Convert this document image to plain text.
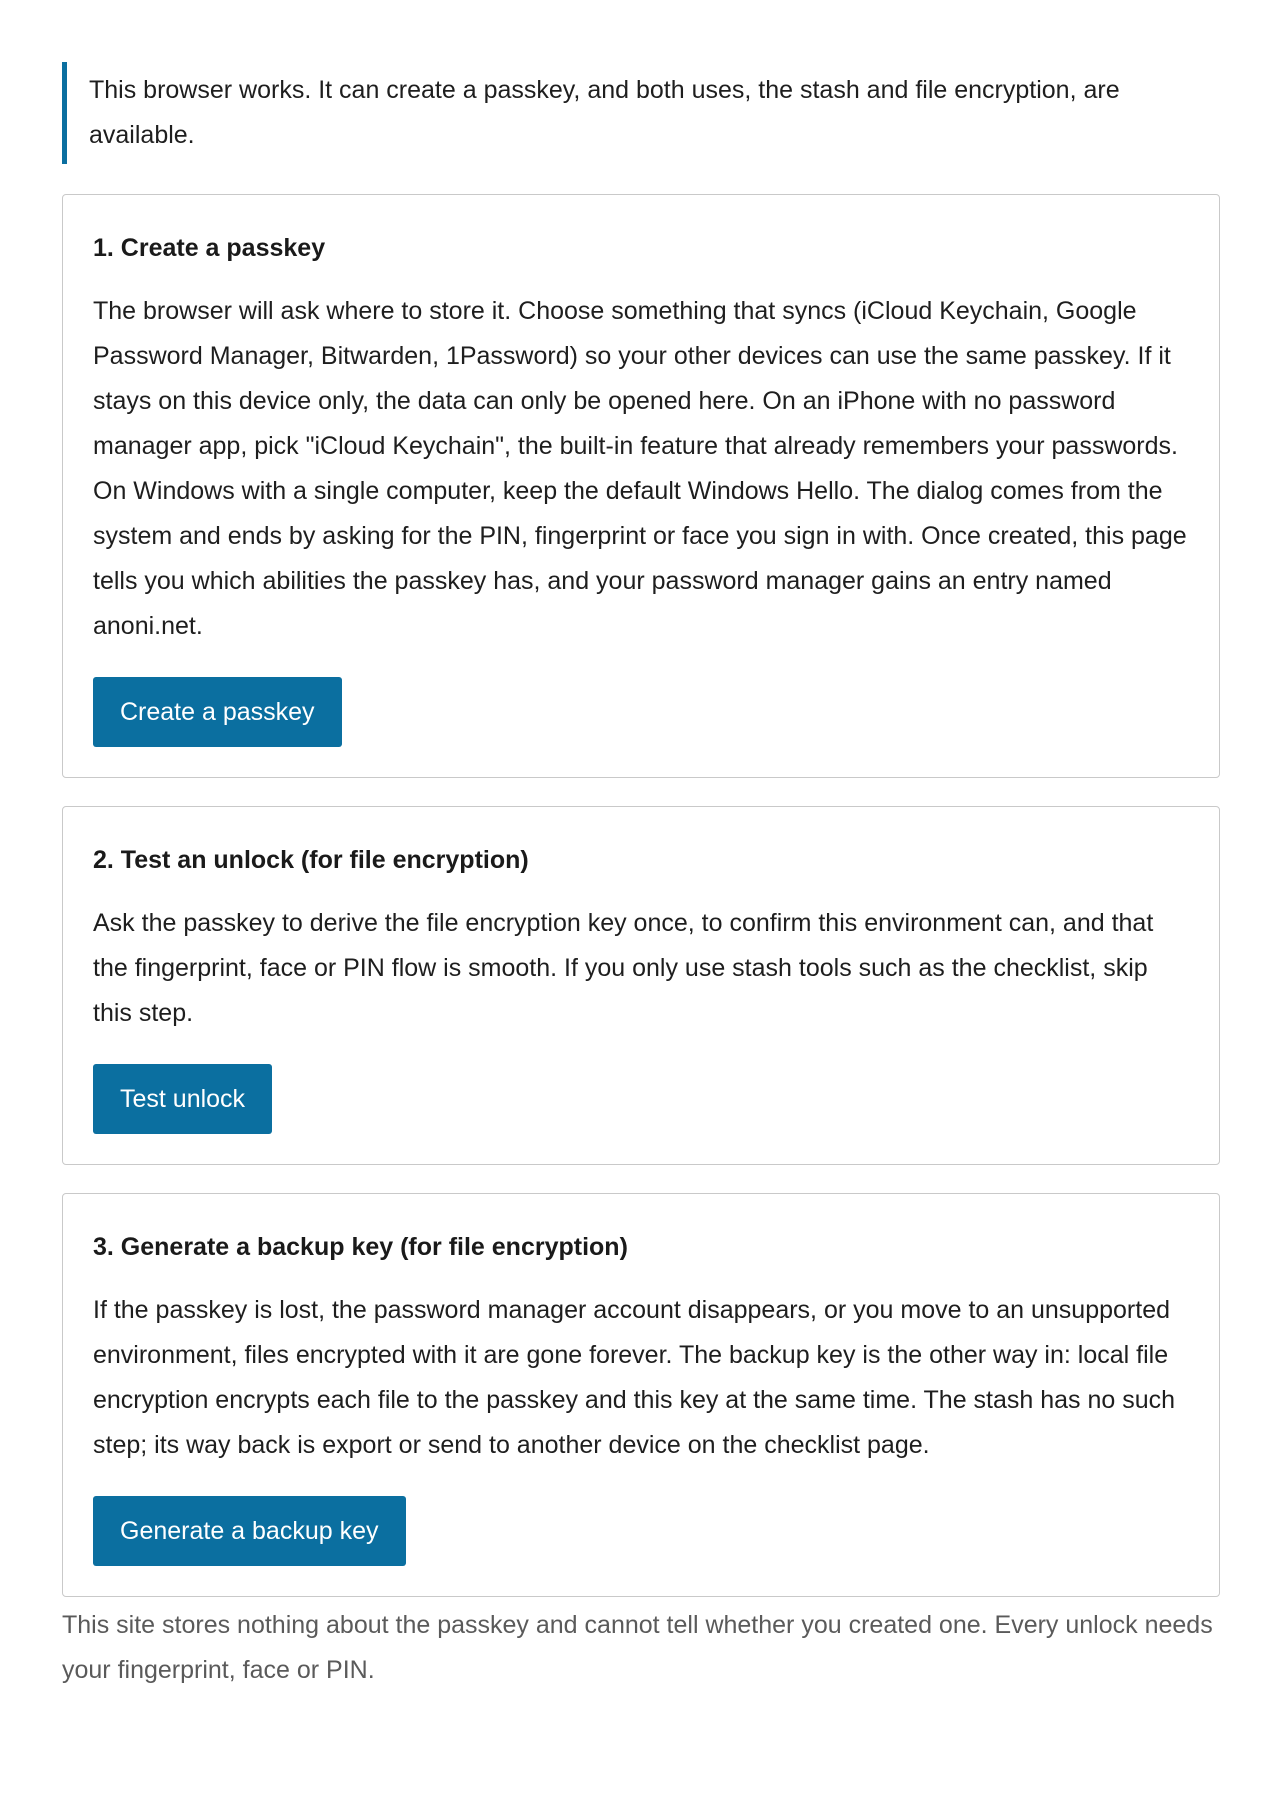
This browser works. It can create a passkey, and both uses, the stash and file encryption, are available.
1. Create a passkey

The browser will ask where to store it. Choose something that syncs (iCloud Keychain, Google Password Manager, Bitwarden, 1Password) so your other devices can use the same passkey. If it stays on this device only, the data can only be opened here. On an iPhone with no password manager app, pick "iCloud Keychain", the built-in feature that already remembers your passwords. On Windows with a single computer, keep the default Windows Hello. The dialog comes from the system and ends by asking for the PIN, fingerprint or face you sign in with. Once created, this page tells you which abilities the passkey has, and your password manager gains an entry named anoni.net.

Create a passkey
2. Test an unlock (for file encryption)

Ask the passkey to derive the file encryption key once, to confirm this environment can, and that the fingerprint, face or PIN flow is smooth. If you only use stash tools such as the checklist, skip this step.

Test unlock
3. Generate a backup key (for file encryption)

If the passkey is lost, the password manager account disappears, or you move to an unsupported environment, files encrypted with it are gone forever. The backup key is the other way in: local file encryption encrypts each file to the passkey and this key at the same time. The stash has no such step; its way back is export or send to another device on the checklist page.

Generate a backup key
This site stores nothing about the passkey and cannot tell whether you created one. Every unlock needs your fingerprint, face or PIN.
